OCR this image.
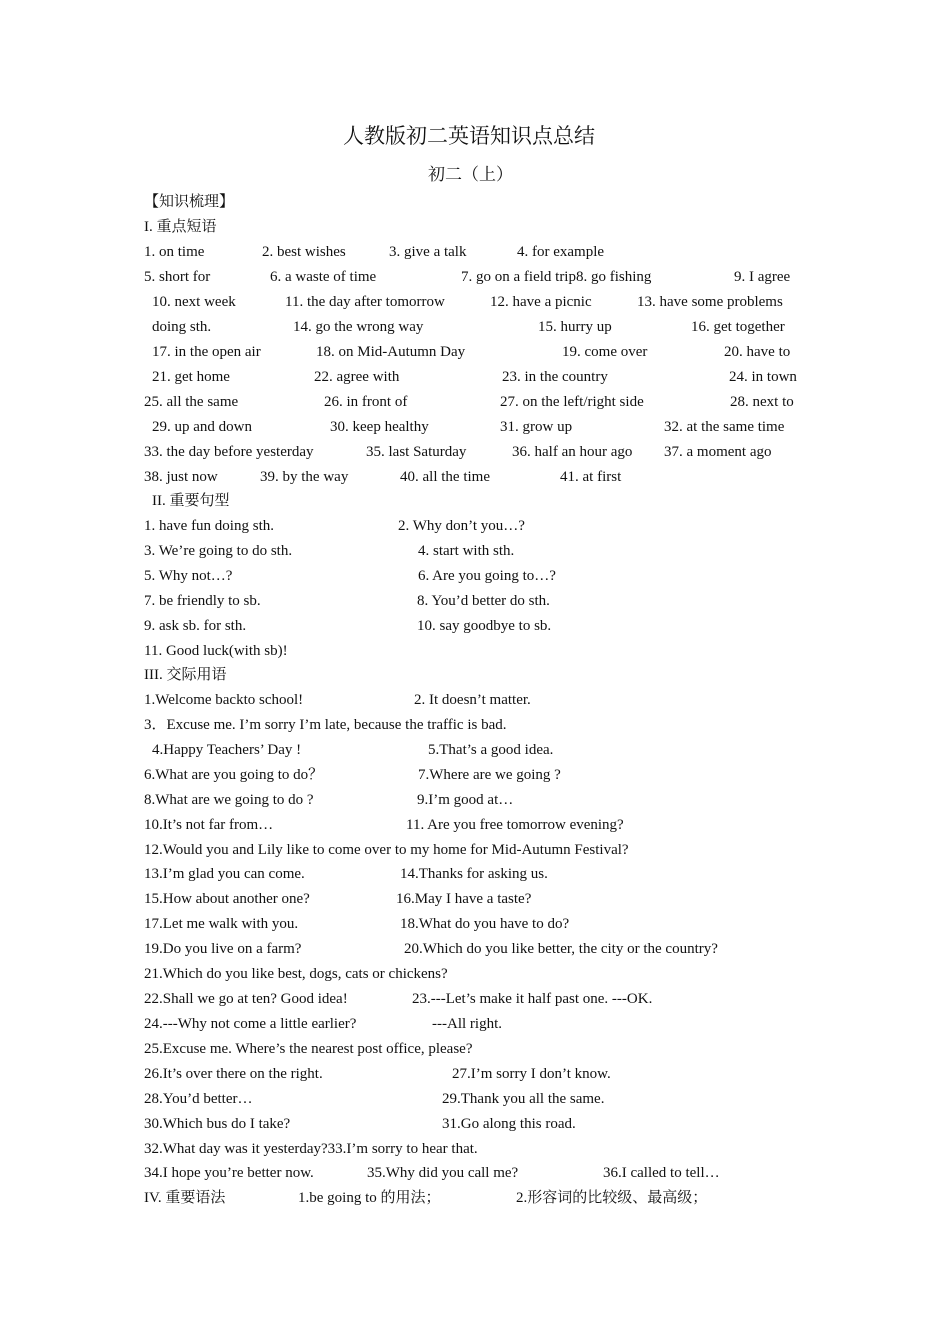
人教版初二英语知识点总结
初二（上）
【知识梳理】
I. 重点短语
1. on time	2. best wishes	3. give a talk	4. for example
5. short for	6. a waste of time	7. go on a field trip8. go fishing	9. I agree
10. next week	11. the day after tomorrow	12. have a picnic	13. have some problems
doing sth.	14. go the wrong way	15. hurry up	16. get together
17. in the open air	18. on Mid-Autumn Day	19. come over	20. have to
21. get home	22. agree with	23. in the country	24. in town
25. all the same	26. in front of	27. on the left/right side	28. next to
29. up and down	30. keep healthy	31. grow up	32. at the same time
33. the day before yesterday	35. last Saturday	36. half an hour ago 37. a moment ago
38. just now	39. by the way	40. all the time	41. at first
II. 重要句型
1. have fun doing sth.	2. Why don’t you…?
3. We’re going to do sth.	4. start with sth.
5. Why not…?	6. Are you going to…?
7. be friendly to sb.	8. You’d better do sth.
9. ask sb. for sth.	10. say goodbye to sb.
11. Good luck(with sb)!
III. 交际用语
1.Welcome backto school!	2. It doesn’t matter.
3．Excuse me. I’m sorry I’m late, because the traffic is bad.
4.Happy Teachers’ Day !	5.That’s a good idea.
6.What are you going to do？	7.Where are we going ?
8.What are we going to do ?	9.I’m good at…
10.It’s not far from…	11. Are you free tomorrow evening?
12.Would you and Lily like to come over to my home for Mid-Autumn Festival?
13.I’m glad you can come.	14.Thanks for asking us.
15.How about another one?	16.May I have a taste?
17.Let me walk with you.	18.What do you have to do?
19.Do you live on a farm?	20.Which do you like better, the city or the country?
21.Which do you like best, dogs, cats or chickens?
22.Shall we go at ten? Good idea!	23.---Let’s make it half past one. ---OK.
24.---Why not come a little earlier?	---All right.
25.Excuse me. Where’s the nearest post office, please?
26.It’s over there on the right.	27.I’m sorry I don’t know.
28.You’d better…	29.Thank you all the same.
30.Which bus do I take?	31.Go along this road.
32.What day was it yesterday?33.I’m sorry to hear that.
34.I hope you’re better now.	35.Why did you call me?	36.I called to tell…
IV. 重要语法	1.be going to 的用法；	2.形容词的比较级、最高级；
